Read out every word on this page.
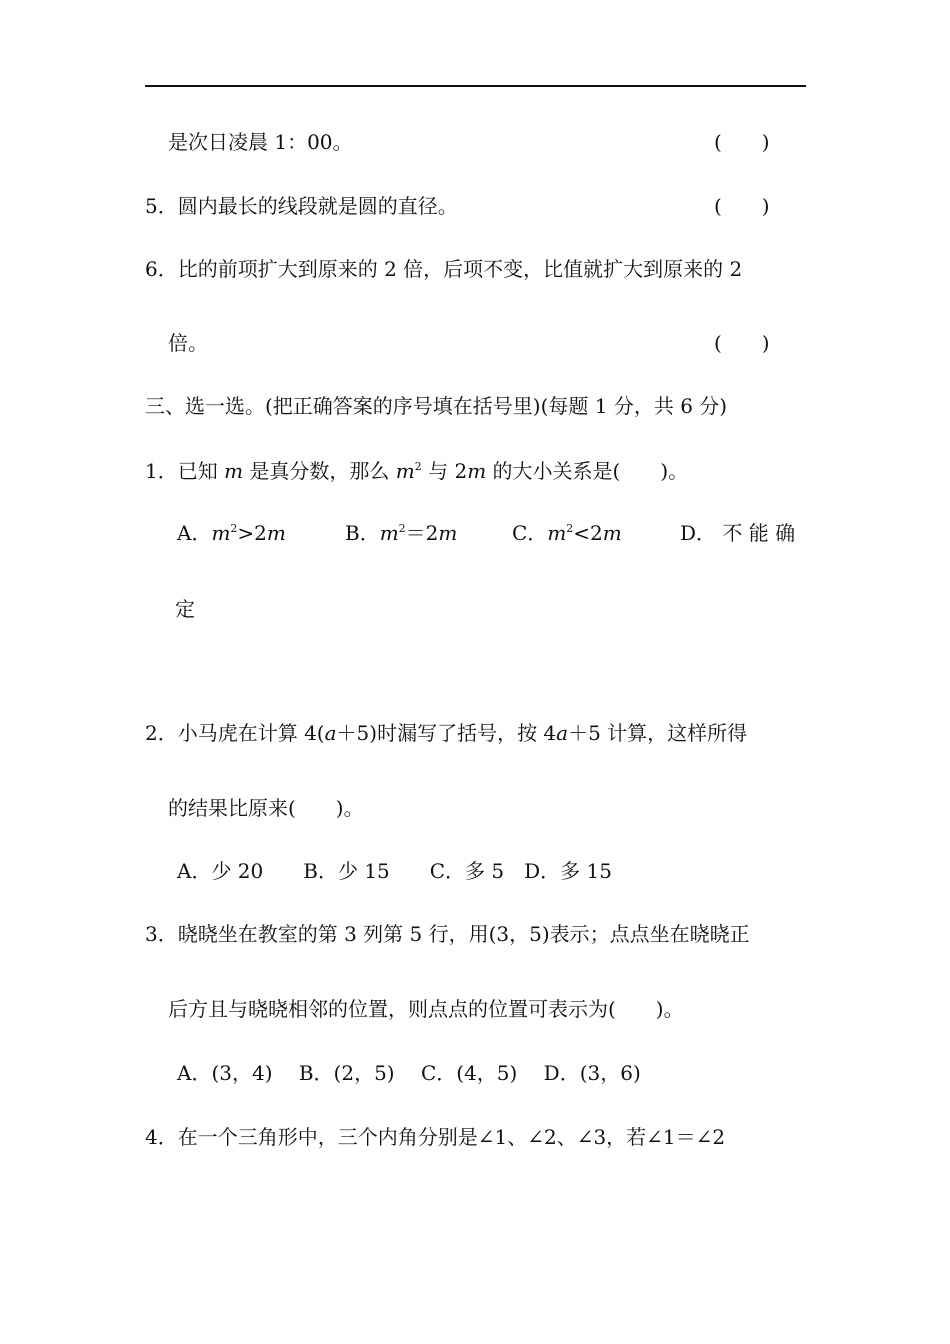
是次日凌晨 1：00。	(　　)
5．圆内最长的线段就是圆的直径。	(　　)
6．比的前项扩大到原来的 2 倍，后项不变，比值就扩大到原来的 2
倍。	(　　)
三、选一选。(把正确答案的序号填在括号里)(每题 1 分，共 6 分)
1．已知 m 是真分数，那么 $m^2$ 与 2m 的大小关系是(　　)。
A．$m^2>2m$	B．$m^2=2m$	C．$m^2<2m$	D． 不 能 确
定
2．小马虎在计算 4(a＋5)时漏写了括号，按 4a＋5 计算，这样所得
的结果比原来(　　)。
A．少 20　　B．少 15　　C．多 5　D．多 15
3．晓晓坐在教室的第 3 列第 5 行，用(3，5)表示；点点坐在晓晓正
后方且与晓晓相邻的位置，则点点的位置可表示为(　　)。
A．(3，4)　 B．(2，5)　 C．(4，5)　 D．(3，6)
4．在一个三角形中，三个内角分别是∠1、∠2、∠3，若∠1＝∠2
